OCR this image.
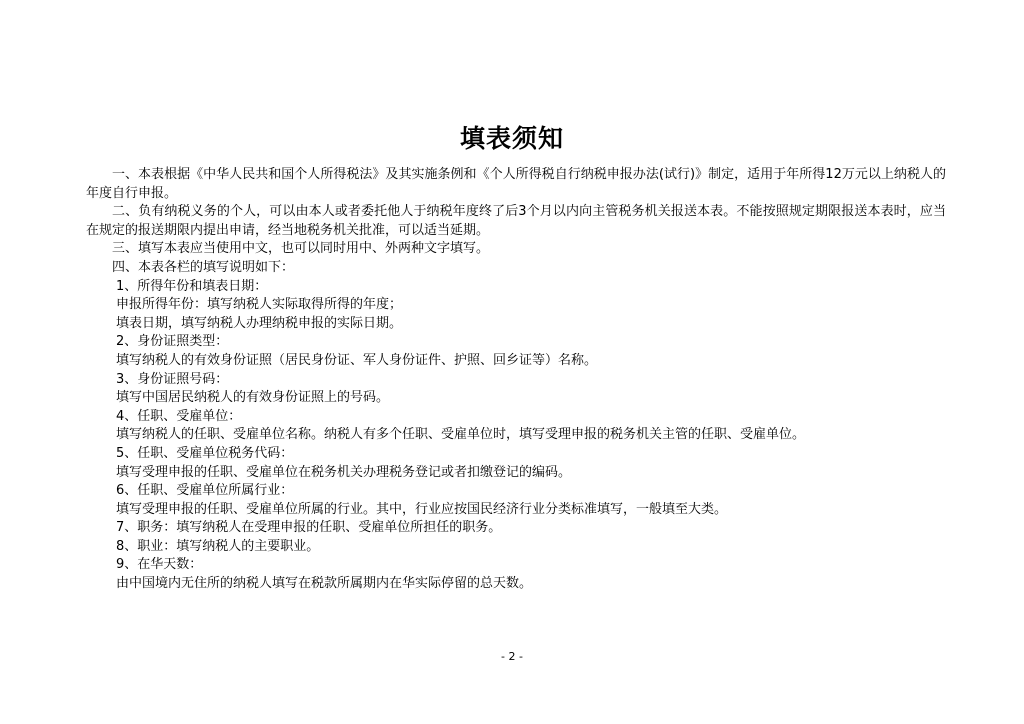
填表须知

一、本表根据《中华人民共和国个人所得税法》及其实施条例和《个人所得税自行纳税申报办法(试行)》制定，适用于年所得12万元以上纳税人的年度自行申报。

二、负有纳税义务的个人，可以由本人或者委托他人于纳税年度终了后3个月以内向主管税务机关报送本表。不能按照规定期限报送本表时，应当在规定的报送期限内提出申请，经当地税务机关批准，可以适当延期。

三、填写本表应当使用中文，也可以同时用中、外两种文字填写。

四、本表各栏的填写说明如下：

1、所得年份和填表日期：

申报所得年份：填写纳税人实际取得所得的年度；

填表日期，填写纳税人办理纳税申报的实际日期。

2、身份证照类型：

填写纳税人的有效身份证照（居民身份证、军人身份证件、护照、回乡证等）名称。

3、身份证照号码：

填写中国居民纳税人的有效身份证照上的号码。

4、任职、受雇单位：

填写纳税人的任职、受雇单位名称。纳税人有多个任职、受雇单位时，填写受理申报的税务机关主管的任职、受雇单位。

5、任职、受雇单位税务代码：

填写受理申报的任职、受雇单位在税务机关办理税务登记或者扣缴登记的编码。

6、任职、受雇单位所属行业：

填写受理申报的任职、受雇单位所属的行业。其中，行业应按国民经济行业分类标准填写，一般填至大类。

7、职务：填写纳税人在受理申报的任职、受雇单位所担任的职务。

8、职业：填写纳税人的主要职业。

9、在华天数：

由中国境内无住所的纳税人填写在税款所属期内在华实际停留的总天数。

- 2 -
